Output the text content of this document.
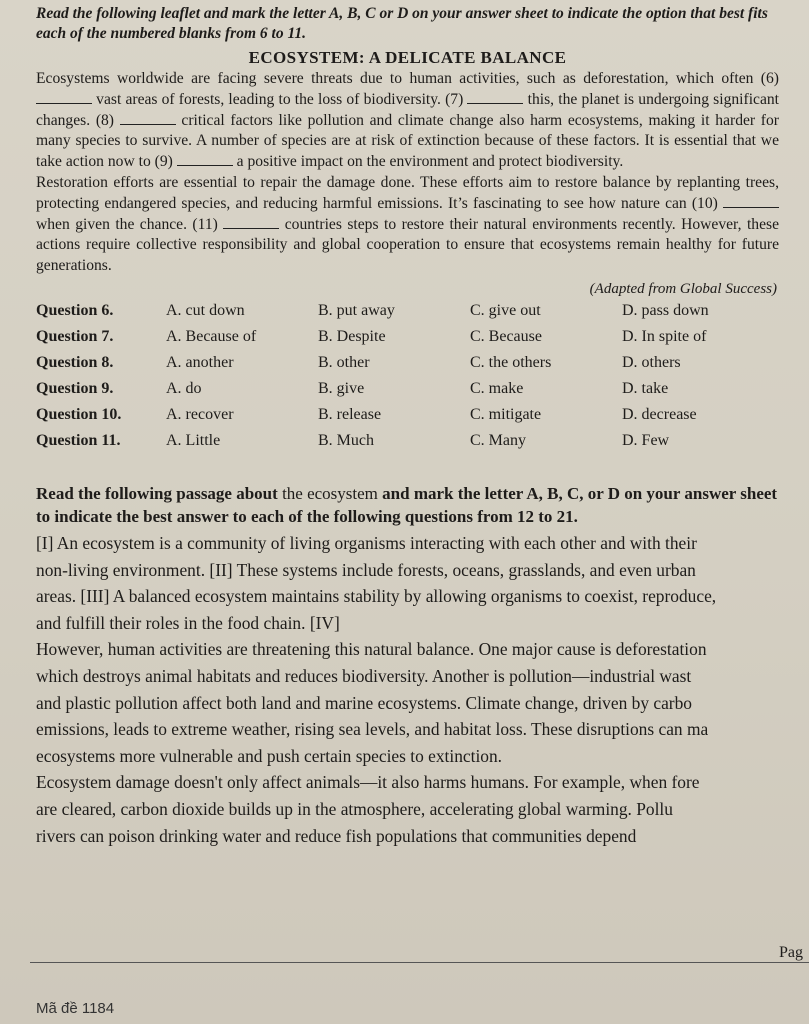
Read the following leaflet and mark the letter A, B, C or D on your answer sheet to indicate the option that best fits each of the numbered blanks from 6 to 11.

ECOSYSTEM: A DELICATE BALANCE

Ecosystems worldwide are facing severe threats due to human activities, such as deforestation, which often (6)  vast areas of forests, leading to the loss of biodiversity. (7)	this, the planet is undergoing significant changes. (8)	critical factors like pollution and climate change also harm ecosystems, making it harder for many species to survive. A number of species are at risk of extinction because of these factors. It is essential that we take action now to (9)	a positive impact on the environment and protect biodiversity.

Restoration efforts are essential to repair the damage done. These efforts aim to restore balance by replanting trees, protecting endangered species, and reducing harmful emissions. It’s fascinating to see how nature can (10)  when given the chance. (11)	countries steps to restore their natural environments recently. However, these actions require collective responsibility and global cooperation to ensure that ecosystems remain healthy for future generations.

(Adapted from Global Success)
Question 6.	A. cut down	B. put away	C. give out	D. pass down
Question 7.	A. Because of	B. Despite	C. Because	D. In spite of
Question 8.	A. another	B. other	C. the others	D. others
Question 9.	A. do	B. give	C. make	D. take
Question 10.	A. recover	B. release	C. mitigate	D. decrease
Question 11.	A. Little	B. Much	C. Many	D. Few

Read the following passage about the ecosystem and mark the letter A, B, C, or D on your answer sheet to indicate the best answer to each of the following questions from 12 to 21.

[I] An ecosystem is a community of living organisms interacting with each other and with their
non-living environment. [II] These systems include forests, oceans, grasslands, and even urban
areas. [III] A balanced ecosystem maintains stability by allowing organisms to coexist, reproduce,
and fulfill their roles in the food chain. [IV]
However, human activities are threatening this natural balance. One major cause is deforestation
which destroys animal habitats and reduces biodiversity. Another is pollution—industrial wast
and plastic pollution affect both land and marine ecosystems. Climate change, driven by carbo
emissions, leads to extreme weather, rising sea levels, and habitat loss. These disruptions can ma
ecosystems more vulnerable and push certain species to extinction.
Ecosystem damage doesn't only affect animals—it also harms humans. For example, when fore
are cleared, carbon dioxide builds up in the atmosphere, accelerating global warming. Pollu
rivers can poison drinking water and reduce fish populations that communities depend
Pag
Mã đề 1184
